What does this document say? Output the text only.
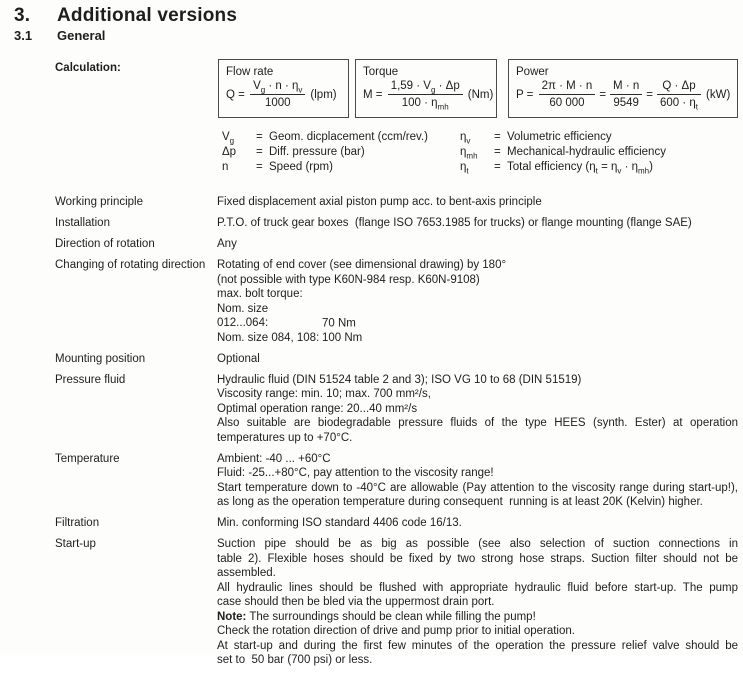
3.	Additional versions
3.1	General
Calculation:	Flow rate
$Q = \frac{V_g \cdot n \cdot \eta_v}{1000} (lpm)$
Torque
$M = \frac{1,59 \cdot V_g \cdot \Delta p}{100 \cdot \eta_{mh}} (Nm)$
Power
$P = \frac{2\pi \cdot M \cdot n}{60 000} = \frac{M \cdot n}{9549} = \frac{Q \cdot \Delta p}{600 \cdot \eta_t} (kW)$
$V_g$	= Geom. dicplacement (ccm/rev.)
Δp	= Diff. pressure (bar)
n	= Speed (rpm)
$\eta_v$	= Volumetric efficiency
$\eta_{mh}$	= Mechanical-hydraulic efficiency
$\eta_t$	= Total efficiency $(\eta_t = \eta_v \cdot \eta_{mh})$
Working principle	Fixed displacement axial piston pump acc. to bent-axis principle
Installation	P.T.O. of truck gear boxes  (flange ISO 7653.1985 for trucks) or flange mounting (flange SAE)
Direction of rotation	Any
Changing of rotating direction	Rotating of end cover (see dimensional drawing) by 180°
(not possible with type K60N-984 resp. K60N-9108)
max. bolt torque:
Nom. size 012...064:	70 Nm
Nom. size 084, 108: 100 Nm
Mounting position	Optional
Pressure fluid	Hydraulic fluid (DIN 51524 table 2 and 3); ISO VG 10 to 68 (DIN 51519)
Viscosity range: min. 10; max. 700 mm²/s,
Optimal operation range: 20...40 mm²/s
Also suitable are biodegradable pressure fluids of the type HEES (synth. Ester) at operation
temperatures up to +70°C.
Temperature	Ambient: -40 ... +60°C
Fluid: -25...+80°C, pay attention to the viscosity range!
Start temperature down to -40°C are allowable (Pay attention to the viscosity range during start-up!),
as long as the operation temperature during consequent  running is at least 20K (Kelvin) higher.
Filtration	Min. conforming ISO standard 4406 code 16/13.
Start-up	Suction pipe should be as big as possible (see also selection of suction connections in
table 2). Flexible hoses should be fixed by two strong hose straps. Suction filter should not be
assembled.
All hydraulic lines should be flushed with appropriate hydraulic fluid before start-up. The pump
case should then be bled via the uppermost drain port.
Note: The surroundings should be clean while filling the pump!
Check the rotation direction of drive and pump prior to initial operation.
At start-up and during the first few minutes of the operation the pressure relief valve should be
set to  50 bar (700 psi) or less.
